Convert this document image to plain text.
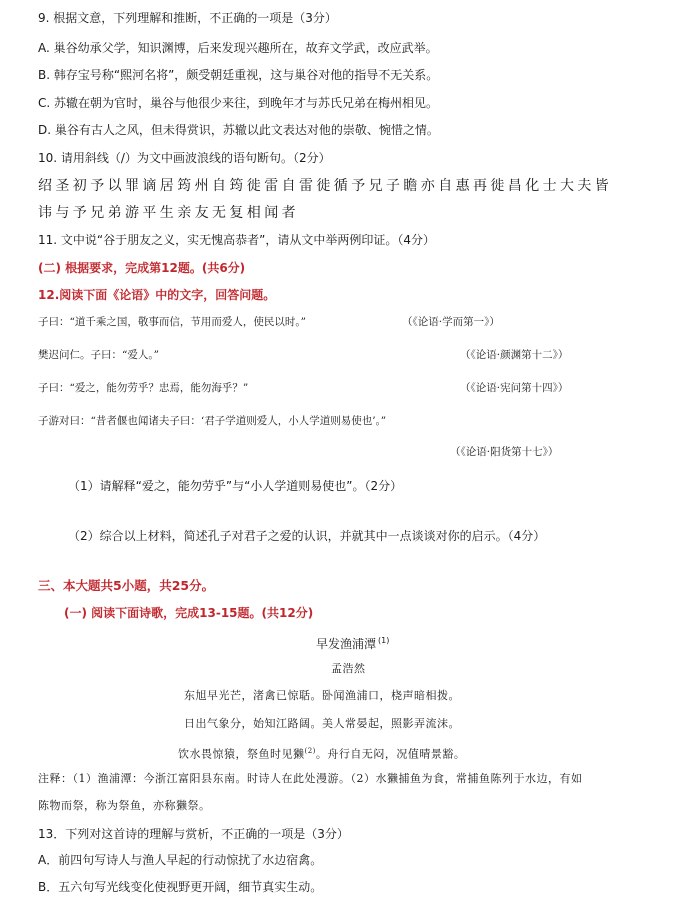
9. 根据文意，下列理解和推断，不正确的一项是（3分）
A. 巢谷幼承父学，知识渊博，后来发现兴趣所在，故弃文学武，改应武举。
B. 韩存宝号称“熙河名将”，颇受朝廷重视，这与巢谷对他的指导不无关系。
C. 苏辙在朝为官时，巢谷与他很少来往，到晚年才与苏氏兄弟在梅州相见。
D. 巢谷有古人之风，但未得赏识，苏辙以此文表达对他的崇敬、惋惜之情。
10. 请用斜线（/）为文中画波浪线的语句断句。（2分）
绍圣初予以罪谪居筠州自筠徙雷自雷徙循予兄子瞻亦自惠再徙昌化士大夫皆
讳与予兄弟游平生亲友无复相闻者
11. 文中说“谷于朋友之义，实无愧高恭者”，请从文中举两例印证。（4分）
(二) 根据要求，完成第12题。(共6分)
12.阅读下面《论语》中的文字，回答问题。
子曰：“道千乘之国，敬事而信，节用而爱人，使民以时。”	（《论语·学而第一》）
樊迟问仁。子曰：“爱人。”	（《论语·颜渊第十二》）
子曰：“爱之，能勿劳乎？忠焉，能勿海乎？”	（《论语·宪问第十四》）
子游对曰：“昔者偃也闻诸夫子曰：‘君子学道则爱人，小人学道则易使也’。”
（《论语·阳货第十七》）
（1）请解释“爱之，能勿劳乎”与“小人学道则易使也”。（2分）
（2）综合以上材料，简述孔子对君子之爱的认识，并就其中一点谈谈对你的启示。（4分）
三、本大题共5小题，共25分。
(一) 阅读下面诗歌，完成13-15题。(共12分)
早发渔浦潭 $^{(1)}$
孟浩然
东旭早光芒，渚禽已惊聒。卧闻渔浦口，桡声暗相拨。
日出气象分，始知江路阔。美人常晏起，照影弄流沫。
饮水畏惊猿，祭鱼时见獭$^{(2)}$。舟行自无闷，况值晴景豁。
注释：（1）渔浦潭：今浙江富阳县东南。时诗人在此处漫游。（2）水獭捕鱼为食，常捕鱼陈列于水边，有如
陈物而祭，称为祭鱼，亦称獭祭。
13．下列对这首诗的理解与赏析，不正确的一项是（3分）
A．前四句写诗人与渔人早起的行动惊扰了水边宿禽。
B．五六句写光线变化使视野更开阔，细节真实生动。
